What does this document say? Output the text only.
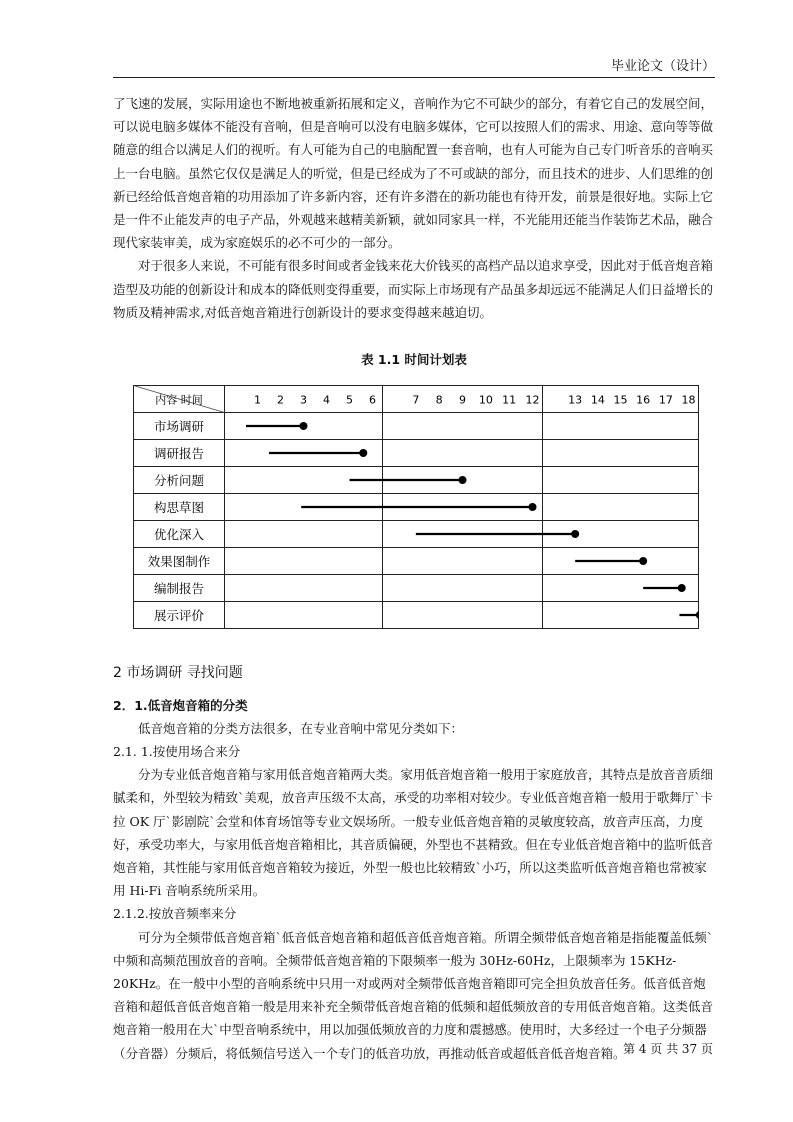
毕业论文（设计）

了飞速的发展，实际用途也不断地被重新拓展和定义，音响作为它不可缺少的部分，有着它自己的发展空间，可以说电脑多媒体不能没有音响，但是音响可以没有电脑多媒体，它可以按照人们的需求、用途、意向等等做随意的组合以满足人们的视听。有人可能为自己的电脑配置一套音响，也有人可能为自己专门听音乐的音响买上一台电脑。虽然它仅仅是满足人的听觉，但是已经成为了不可或缺的部分，而且技术的进步、人们思维的创新已经给低音炮音箱的功用添加了许多新内容，还有许多潜在的新功能也有待开发，前景是很好地。实际上它是一件不止能发声的电子产品，外观越来越精美新颖，就如同家具一样，不光能用还能当作装饰艺术品，融合现代家装审美，成为家庭娱乐的必不可少的一部分。

对于很多人来说，不可能有很多时间或者金钱来花大价钱买的高档产品以追求享受，因此对于低音炮音箱造型及功能的创新设计和成本的降低则变得重要，而实际上市场现有产品虽多却远远不能满足人们日益增长的物质及精神需求,对低音炮音箱进行创新设计的要求变得越来越迫切。

表 1.1 时间计划表
内容 时间	1 2 3 4 5 6	7 8 9 10 11 12	13 14 15 16 17 18
市场调研
调研报告
分析问题
构思草图
优化深入
效果图制作
编制报告
展示评价
2 市场调研 寻找问题
2．1.低音炮音箱的分类

低音炮音箱的分类方法很多，在专业音响中常见分类如下：

2.1. 1.按使用场合来分

分为专业低音炮音箱与家用低音炮音箱两大类。家用低音炮音箱一般用于家庭放音，其特点是放音音质细腻柔和，外型较为精致`美观，放音声压级不太高，承受的功率相对较少。专业低音炮音箱一般用于歌舞厅`卡拉 OK 厅`影剧院`会堂和体育场馆等专业文娱场所。一般专业低音炮音箱的灵敏度较高，放音声压高，力度好，承受功率大，与家用低音炮音箱相比，其音质偏硬，外型也不甚精致。但在专业低音炮音箱中的监听低音炮音箱，其性能与家用低音炮音箱较为接近，外型一般也比较精致`小巧，所以这类监听低音炮音箱也常被家用 Hi-Fi 音响系统所采用。

2.1.2.按放音频率来分

可分为全频带低音炮音箱`低音低音炮音箱和超低音低音炮音箱。所谓全频带低音炮音箱是指能覆盖低频`中频和高频范围放音的音响。全频带低音炮音箱的下限频率一般为 30Hz-60Hz，上限频率为 15KHz-20KHz。在一般中小型的音响系统中只用一对或两对全频带低音炮音箱即可完全担负放音任务。低音低音炮音箱和超低音低音炮音箱一般是用来补充全频带低音炮音箱的低频和超低频放音的专用低音炮音箱。这类低音炮音箱一般用在大`中型音响系统中，用以加强低频放音的力度和震撼感。使用时，大多经过一个电子分频器（分音器）分频后，将低频信号送入一个专门的低音功放，再推动低音或超低音低音炮音箱。

第 4 页 共 37 页
